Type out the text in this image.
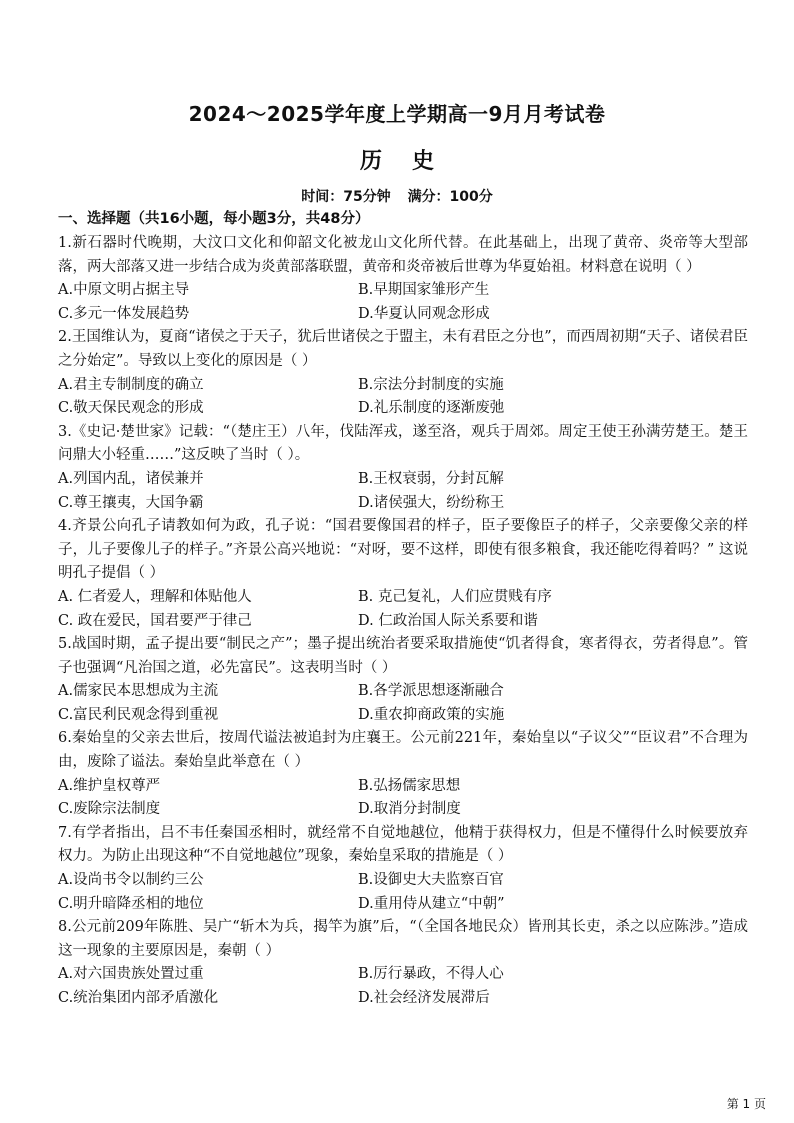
2024～2025学年度上学期高一9月月考试卷
历史
时间：75分钟 满分：100分
一、选择题（共16小题，每小题3分，共48分）

1.新石器时代晚期，大汶口文化和仰韶文化被龙山文化所代替。在此基础上，出现了黄帝、炎帝等大型部落，两大部落又进一步结合成为炎黄部落联盟，黄帝和炎帝被后世尊为华夏始祖。材料意在说明（ ）

A.中原文明占据主导	B.早期国家雏形产生
C.多元一体发展趋势	D.华夏认同观念形成

2.王国维认为，夏商“诸侯之于天子，犹后世诸侯之于盟主，未有君臣之分也”，而西周初期“天子、诸侯君臣之分始定”。导致以上变化的原因是（ ）

A.君主专制制度的确立	B.宗法分封制度的实施
C.敬天保民观念的形成	D.礼乐制度的逐渐废弛

3.《史记·楚世家》记载：“（楚庄王）八年，伐陆浑戎，遂至洛，观兵于周郊。周定王使王孙满劳楚王。楚王问鼎大小轻重……”这反映了当时（ ）。

A.列国内乱，诸侯兼并	B.王权衰弱，分封瓦解
C.尊王攘夷，大国争霸	D.诸侯强大，纷纷称王

4.齐景公向孔子请教如何为政，孔子说：“国君要像国君的样子，臣子要像臣子的样子，父亲要像父亲的样子，儿子要像儿子的样子。”齐景公高兴地说：“对呀，要不这样，即使有很多粮食，我还能吃得着吗？” 这说明孔子提倡（ ）

A. 仁者爱人，理解和体贴他人	B. 克己复礼，人们应贯贱有序
C. 政在爱民，国君要严于律己	D. 仁政治国人际关系要和谐

5.战国时期，孟子提出要“制民之产”；墨子提出统治者要采取措施使“饥者得食，寒者得衣，劳者得息”。管子也强调“凡治国之道，必先富民”。这表明当时（ ）

A.儒家民本思想成为主流	B.各学派思想逐渐融合
C.富民利民观念得到重视	D.重农抑商政策的实施

6.秦始皇的父亲去世后，按周代谥法被追封为庄襄王。公元前221年，秦始皇以“子议父”“臣议君”不合理为由，废除了谥法。秦始皇此举意在（ ）

A.维护皇权尊严	B.弘扬儒家思想
C.废除宗法制度	D.取消分封制度

7.有学者指出，吕不韦任秦国丞相时，就经常不自觉地越位，他精于获得权力，但是不懂得什么时候要放弃权力。为防止出现这种“不自觉地越位”现象，秦始皇采取的措施是（ ）

A.设尚书令以制约三公	B.设御史大夫监察百官
C.明升暗降丞相的地位	D.重用侍从建立“中朝”

8.公元前209年陈胜、吴广“斩木为兵，揭竿为旗”后，“（全国各地民众）皆刑其长吏，杀之以应陈涉。”造成这一现象的主要原因是，秦朝（ ）

A.对六国贵族处置过重	B.厉行暴政，不得人心
C.统治集团内部矛盾激化	D.社会经济发展滞后
第 1 页
